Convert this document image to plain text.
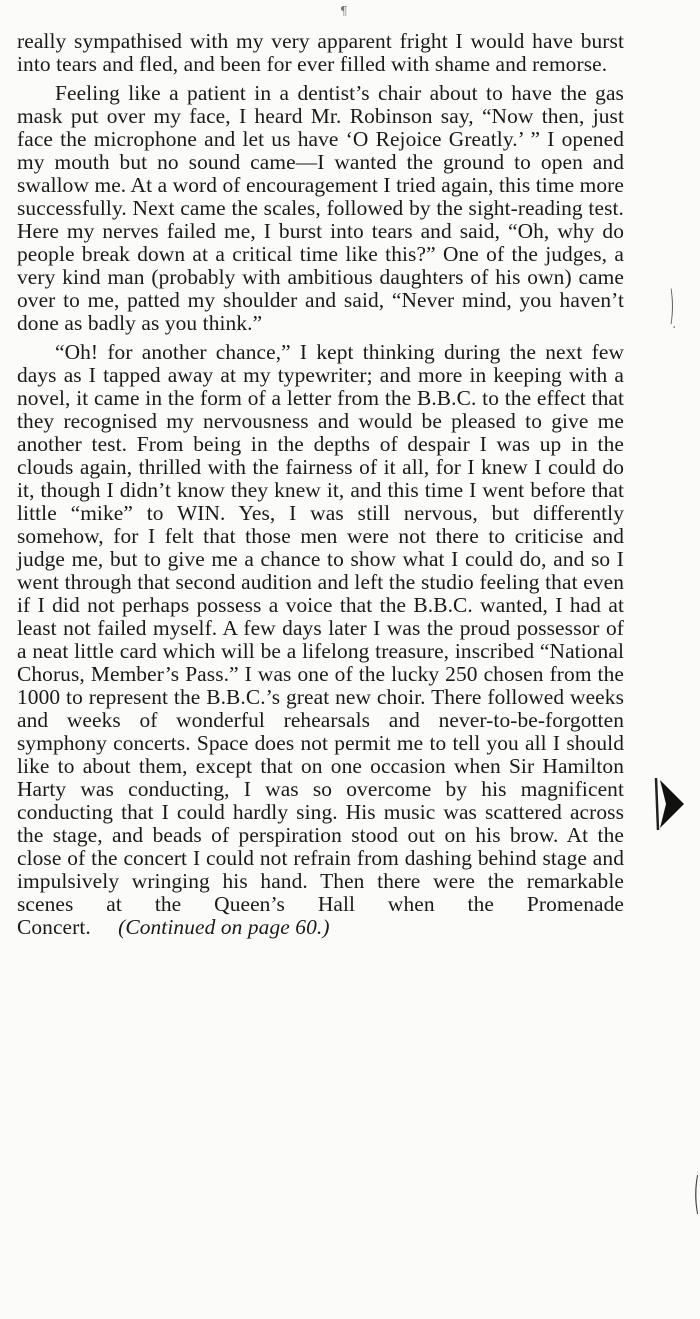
¶

really sympathised with my very apparent fright I would have burst into tears and fled, and been for ever filled with shame and remorse.

Feeling like a patient in a dentist’s chair about to have the gas mask put over my face, I heard Mr. Robinson say, “Now then, just face the microphone and let us have ‘O Rejoice Greatly.’ ” I opened my mouth but no sound came—I wanted the ground to open and swallow me. At a word of encouragement I tried again, this time more successfully. Next came the scales, followed by the sight-reading test. Here my nerves failed me, I burst into tears and said, “Oh, why do people break down at a critical time like this?” One of the judges, a very kind man (probably with ambitious daughters of his own) came over to me, patted my shoulder and said, “Never mind, you haven’t done as badly as you think.”

“Oh! for another chance,” I kept thinking during the next few days as I tapped away at my typewriter; and more in keeping with a novel, it came in the form of a letter from the B.B.C. to the effect that they recognised my nervousness and would be pleased to give me another test. From being in the depths of despair I was up in the clouds again, thrilled with the fairness of it all, for I knew I could do it, though I didn’t know they knew it, and this time I went before that little “mike” to WIN. Yes, I was still nervous, but differently somehow, for I felt that those men were not there to criticise and judge me, but to give me a chance to show what I could do, and so I went through that second audition and left the studio feeling that even if I did not perhaps possess a voice that the B.B.C. wanted, I had at least not failed myself. A few days later I was the proud possessor of a neat little card which will be a lifelong treasure, inscribed “National Chorus, Member’s Pass.” I was one of the lucky 250 chosen from the 1000 to represent the B.B.C.’s great new choir. There followed weeks and weeks of wonderful rehearsals and never-to-be-forgotten symphony concerts. Space does not permit me to tell you all I should like to about them, except that on one occasion when Sir Hamilton Harty was conducting, I was so overcome by his magnificent conducting that I could hardly sing. His music was scattered across the stage, and beads of perspiration stood out on his brow. At the close of the concert I could not refrain from dashing behind stage and impulsively wringing his hand. Then there were the remarkable scenes at the Queen’s Hall when the Promenade Concert. (Continued on page 60.)

)
·
(
